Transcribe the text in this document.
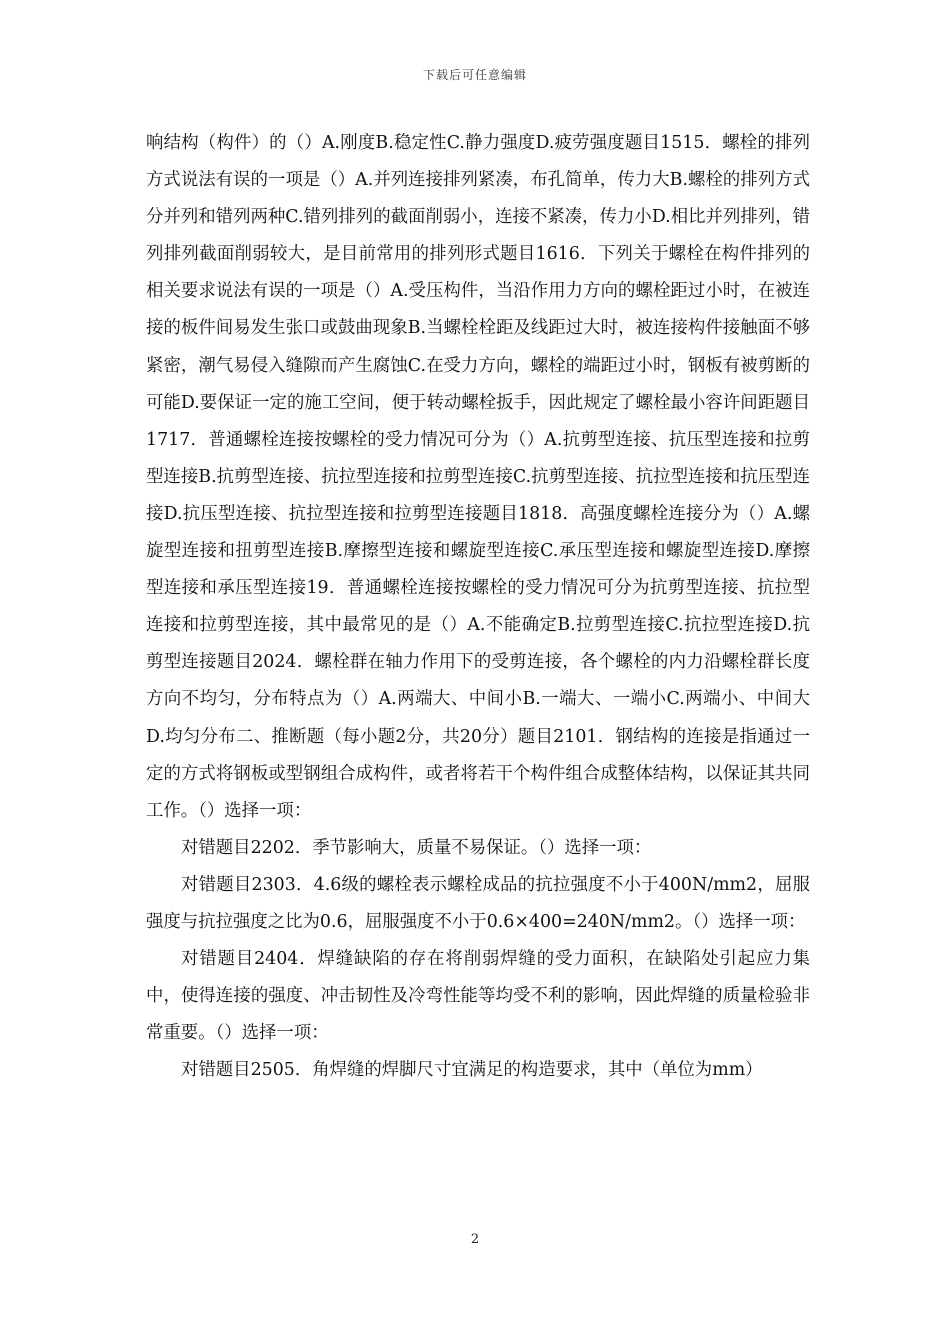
下载后可任意编辑

响结构（构件）的（）A.刚度B.稳定性C.静力强度D.疲劳强度题目1515．螺栓的排列方式说法有误的一项是（）A.并列连接排列紧凑，布孔简单，传力大B.螺栓的排列方式分并列和错列两种C.错列排列的截面削弱小，连接不紧凑，传力小D.相比并列排列，错列排列截面削弱较大，是目前常用的排列形式题目1616．下列关于螺栓在构件排列的相关要求说法有误的一项是（）A.受压构件，当沿作用力方向的螺栓距过小时，在被连接的板件间易发生张口或鼓曲现象B.当螺栓栓距及线距过大时，被连接构件接触面不够紧密，潮气易侵入缝隙而产生腐蚀C.在受力方向，螺栓的端距过小时，钢板有被剪断的可能D.要保证一定的施工空间，便于转动螺栓扳手，因此规定了螺栓最小容许间距题目1717．普通螺栓连接按螺栓的受力情况可分为（）A.抗剪型连接、抗压型连接和拉剪型连接B.抗剪型连接、抗拉型连接和拉剪型连接C.抗剪型连接、抗拉型连接和抗压型连接D.抗压型连接、抗拉型连接和拉剪型连接题目1818．高强度螺栓连接分为（）A.螺旋型连接和扭剪型连接B.摩擦型连接和螺旋型连接C.承压型连接和螺旋型连接D.摩擦型连接和承压型连接19．普通螺栓连接按螺栓的受力情况可分为抗剪型连接、抗拉型连接和拉剪型连接，其中最常见的是（）A.不能确定B.拉剪型连接C.抗拉型连接D.抗剪型连接题目2024．螺栓群在轴力作用下的受剪连接，各个螺栓的内力沿螺栓群长度方向不均匀，分布特点为（）A.两端大、中间小B.一端大、一端小C.两端小、中间大D.均匀分布二、推断题（每小题2分，共20分）题目2101．钢结构的连接是指通过一定的方式将钢板或型钢组合成构件，或者将若干个构件组合成整体结构，以保证其共同工作。（）选择一项：

对错题目2202．季节影响大，质量不易保证。（）选择一项：

对错题目2303．4.6级的螺栓表示螺栓成品的抗拉强度不小于400N/mm2，屈服强度与抗拉强度之比为0.6，屈服强度不小于0.6×400=240N/mm2。（）选择一项：

对错题目2404．焊缝缺陷的存在将削弱焊缝的受力面积，在缺陷处引起应力集中，使得连接的强度、冲击韧性及冷弯性能等均受不利的影响，因此焊缝的质量检验非常重要。（）选择一项：

对错题目2505．角焊缝的焊脚尺寸宜满足的构造要求，其中（单位为mm）

2
